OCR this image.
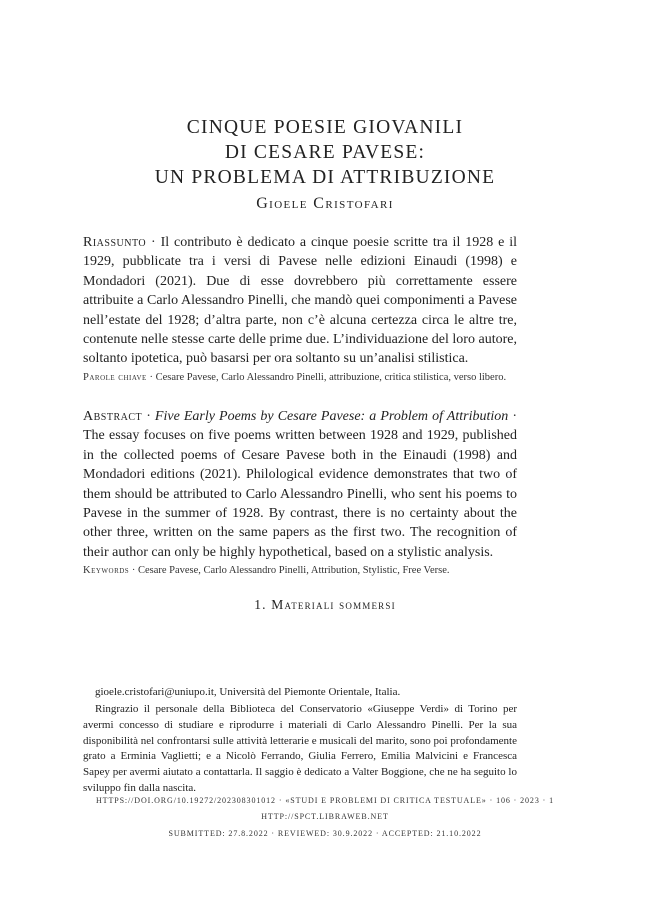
CINQUE POESIE GIOVANILI
DI CESARE PAVESE:
UN PROBLEMA DI ATTRIBUZIONE
Gioele Cristofari
Riassunto · Il contributo è dedicato a cinque poesie scritte tra il 1928 e il 1929, pubblicate tra i versi di Pavese nelle edizioni Einaudi (1998) e Mondadori (2021). Due di esse dovrebbero più correttamente essere attribuite a Carlo Alessandro Pinelli, che mandò quei componimenti a Pavese nell’estate del 1928; d’altra parte, non c’è alcuna certezza circa le altre tre, contenute nelle stesse carte delle prime due. L’individuazione del loro autore, soltanto ipotetica, può basarsi per ora soltanto su un’analisi stilistica.
Parole chiave · Cesare Pavese, Carlo Alessandro Pinelli, attribuzione, critica stilistica, verso libero.
Abstract · Five Early Poems by Cesare Pavese: a Problem of Attribution · The essay focuses on five poems written between 1928 and 1929, published in the collected poems of Cesare Pavese both in the Einaudi (1998) and Mondadori editions (2021). Philological evidence demonstrates that two of them should be attributed to Carlo Alessandro Pinelli, who sent his poems to Pavese in the summer of 1928. By contrast, there is no certainty about the other three, written on the same papers as the first two. The recognition of their author can only be highly hypothetical, based on a stylistic analysis.
Keywords · Cesare Pavese, Carlo Alessandro Pinelli, Attribution, Stylistic, Free Verse.
1. Materiali sommersi
gioele.cristofari@uniupo.it, Università del Piemonte Orientale, Italia.
Ringrazio il personale della Biblioteca del Conservatorio «Giuseppe Verdi» di Torino per avermi concesso di studiare e riprodurre i materiali di Carlo Alessandro Pinelli. Per la sua disponibilità nel confrontarsi sulle attività letterarie e musicali del marito, sono poi profondamente grato a Erminia Vaglietti; e a Nicolò Ferrando, Giulia Ferrero, Emilia Malvicini e Francesca Sapey per avermi aiutato a contattarla. Il saggio è dedicato a Valter Boggione, che ne ha seguito lo sviluppo fin dalla nascita.
HTTPS://DOI.ORG/10.19272/202308301012 · «STUDI E PROBLEMI DI CRITICA TESTUALE» · 106 · 2023 · 1
HTTP://SPCT.LIBRAWEB.NET
SUBMITTED: 27.8.2022 · REVIEWED: 30.9.2022 · ACCEPTED: 21.10.2022
